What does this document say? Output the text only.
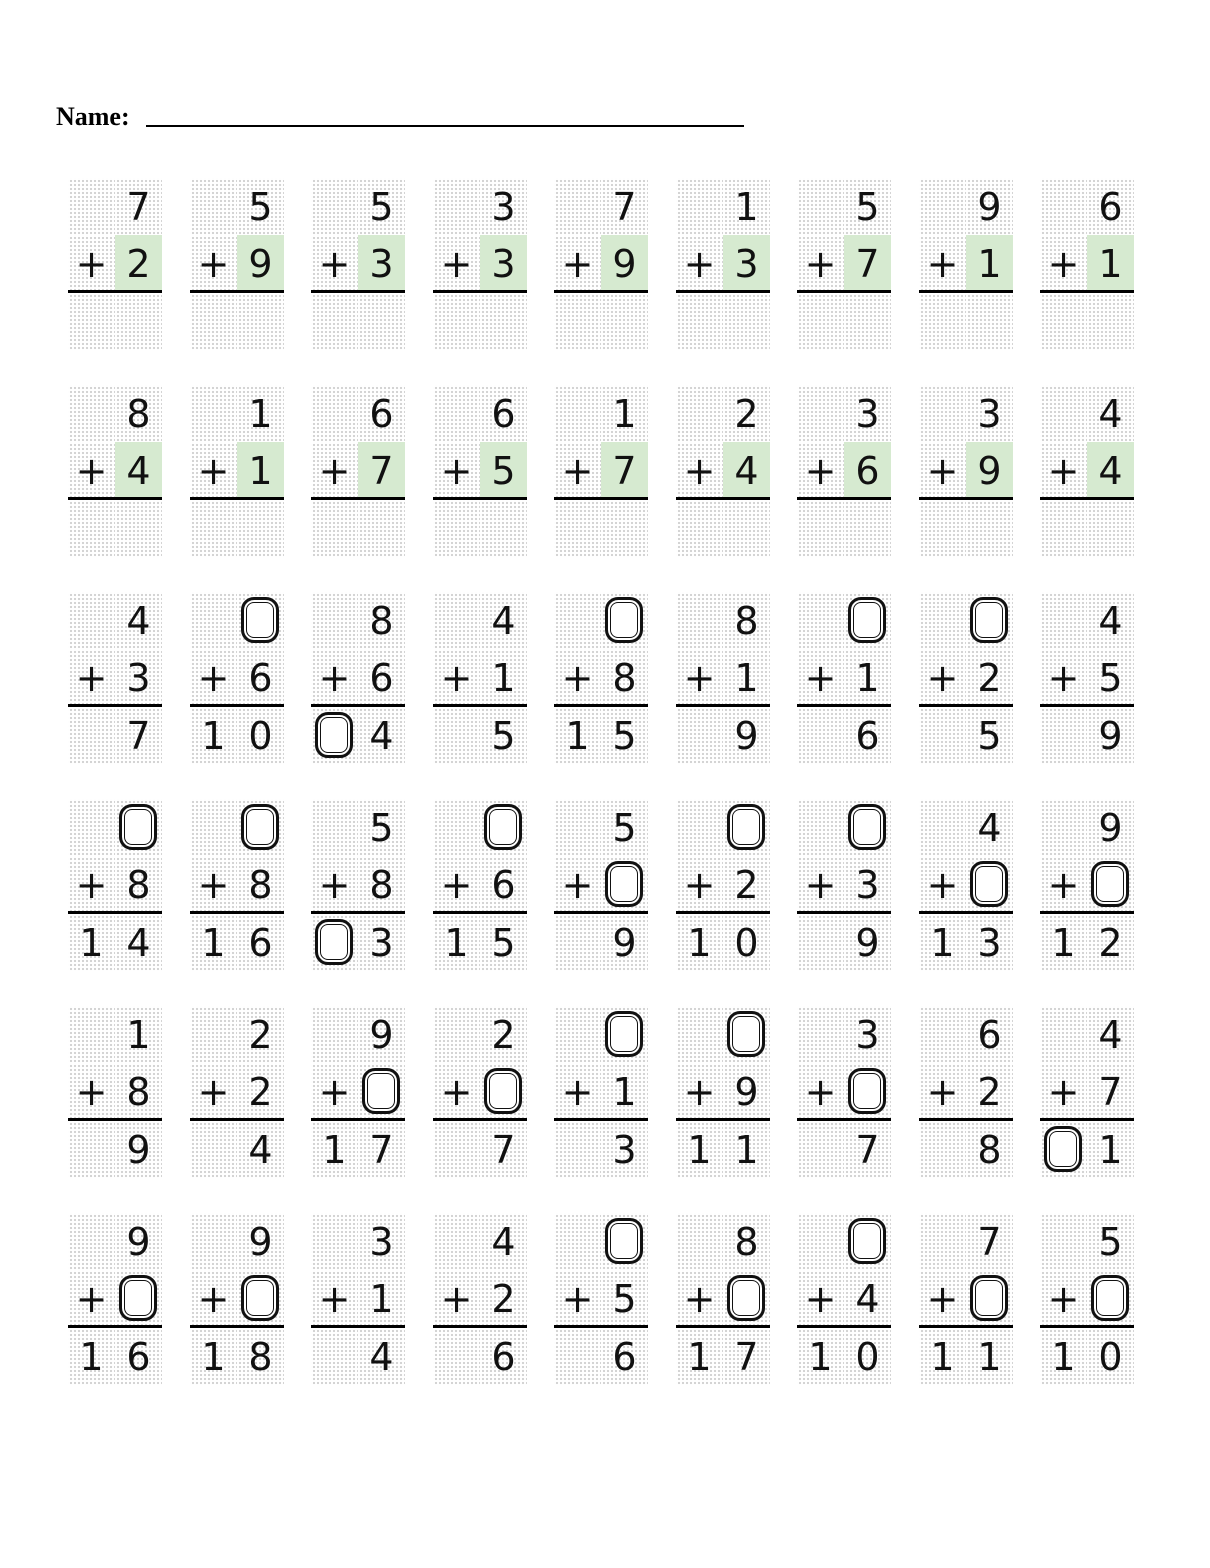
Name:
7
+ 2
5
+ 9
5
+ 3
3
+ 3
7
+ 9
1
+ 3
5
+ 7
9
+ 1
6
+ 1
8
+ 4
1
+ 1
6
+ 7
6
+ 5
1
+ 7
2
+ 4
3
+ 6
3
+ 9
4
+ 4
4
+ 3
7
+ 6
1 0
8
+ 6
4
4
+ 1
5
+ 8
1 5
8
+ 1
9
+ 1
6
+ 2
5
4
+ 5
9
+ 8
1 4
+ 8
1 6
5
+ 8
3
+ 6
1 5
5
+
9
+ 2
1 0
+ 3
9
4
+
1 3
9
+
1 2
1
+ 8
9
2
+ 2
4
9
+
1 7
2
+
7
+ 1
3
+ 9
1 1
3
+
7
6
+ 2
8
4
+ 7
1
9
+
1 6
9
+
1 8
3
+ 1
4
4
+ 2
6
+ 5
6
8
+
1 7
+ 4
1 0
7
+
1 1
5
+
1 0
